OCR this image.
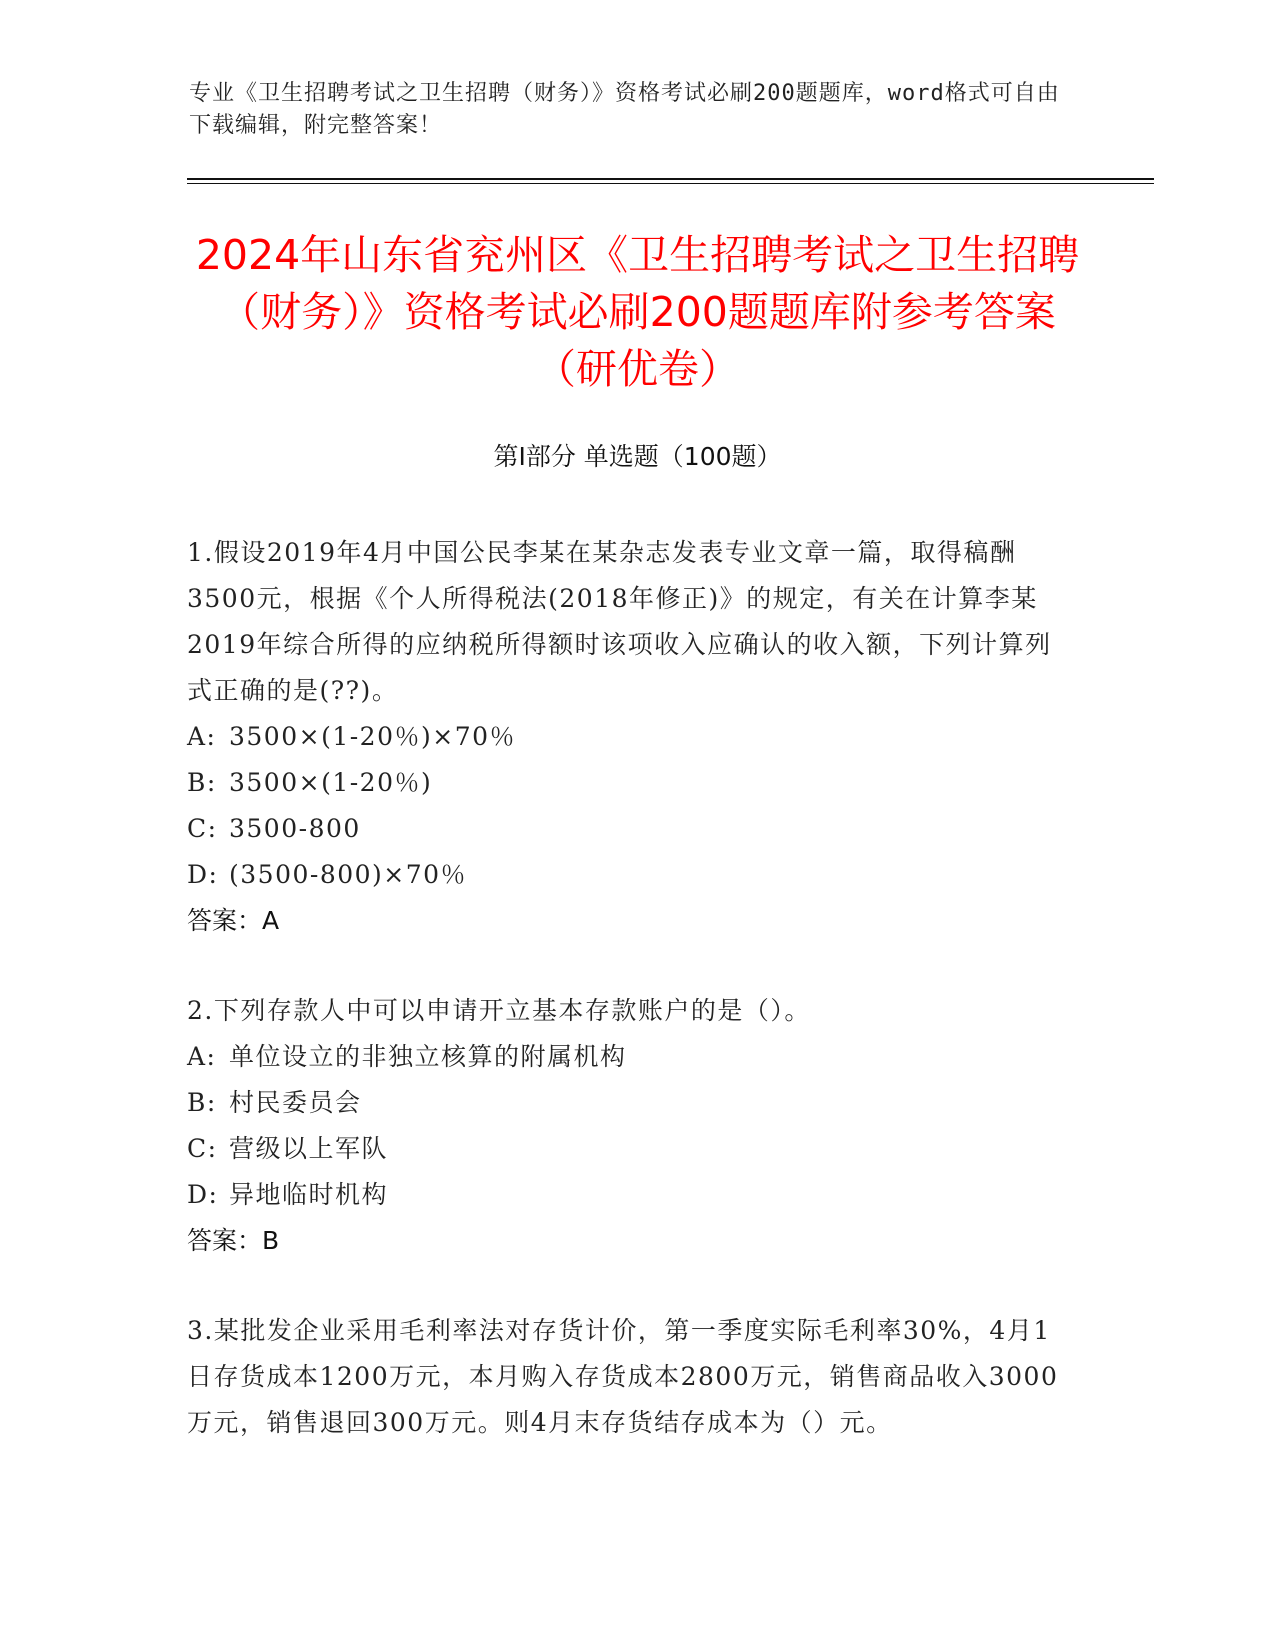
专业《卫生招聘考试之卫生招聘（财务）》资格考试必刷200题题库，word格式可自由下载编辑，附完整答案！
2024年山东省兖州区《卫生招聘考试之卫生招聘（财务）》资格考试必刷200题题库附参考答案（研优卷）
第Ⅰ部分 单选题（100题）
1.假设2019年4月中国公民李某在某杂志发表专业文章一篇，取得稿酬3500元，根据《个人所得税法(2018年修正)》的规定，有关在计算李某2019年综合所得的应纳税所得额时该项收入应确认的收入额，下列计算列式正确的是(??)。
A: 3500×(1-20％)×70％
B: 3500×(1-20％)
C: 3500-800
D: (3500-800)×70％
答案：A
2.下列存款人中可以申请开立基本存款账户的是（）。
A: 单位设立的非独立核算的附属机构
B: 村民委员会
C: 营级以上军队
D: 异地临时机构
答案：B
3.某批发企业采用毛利率法对存货计价，第一季度实际毛利率30%，4月1日存货成本1200万元，本月购入存货成本2800万元，销售商品收入3000万元，销售退回300万元。则4月末存货结存成本为（）元。
